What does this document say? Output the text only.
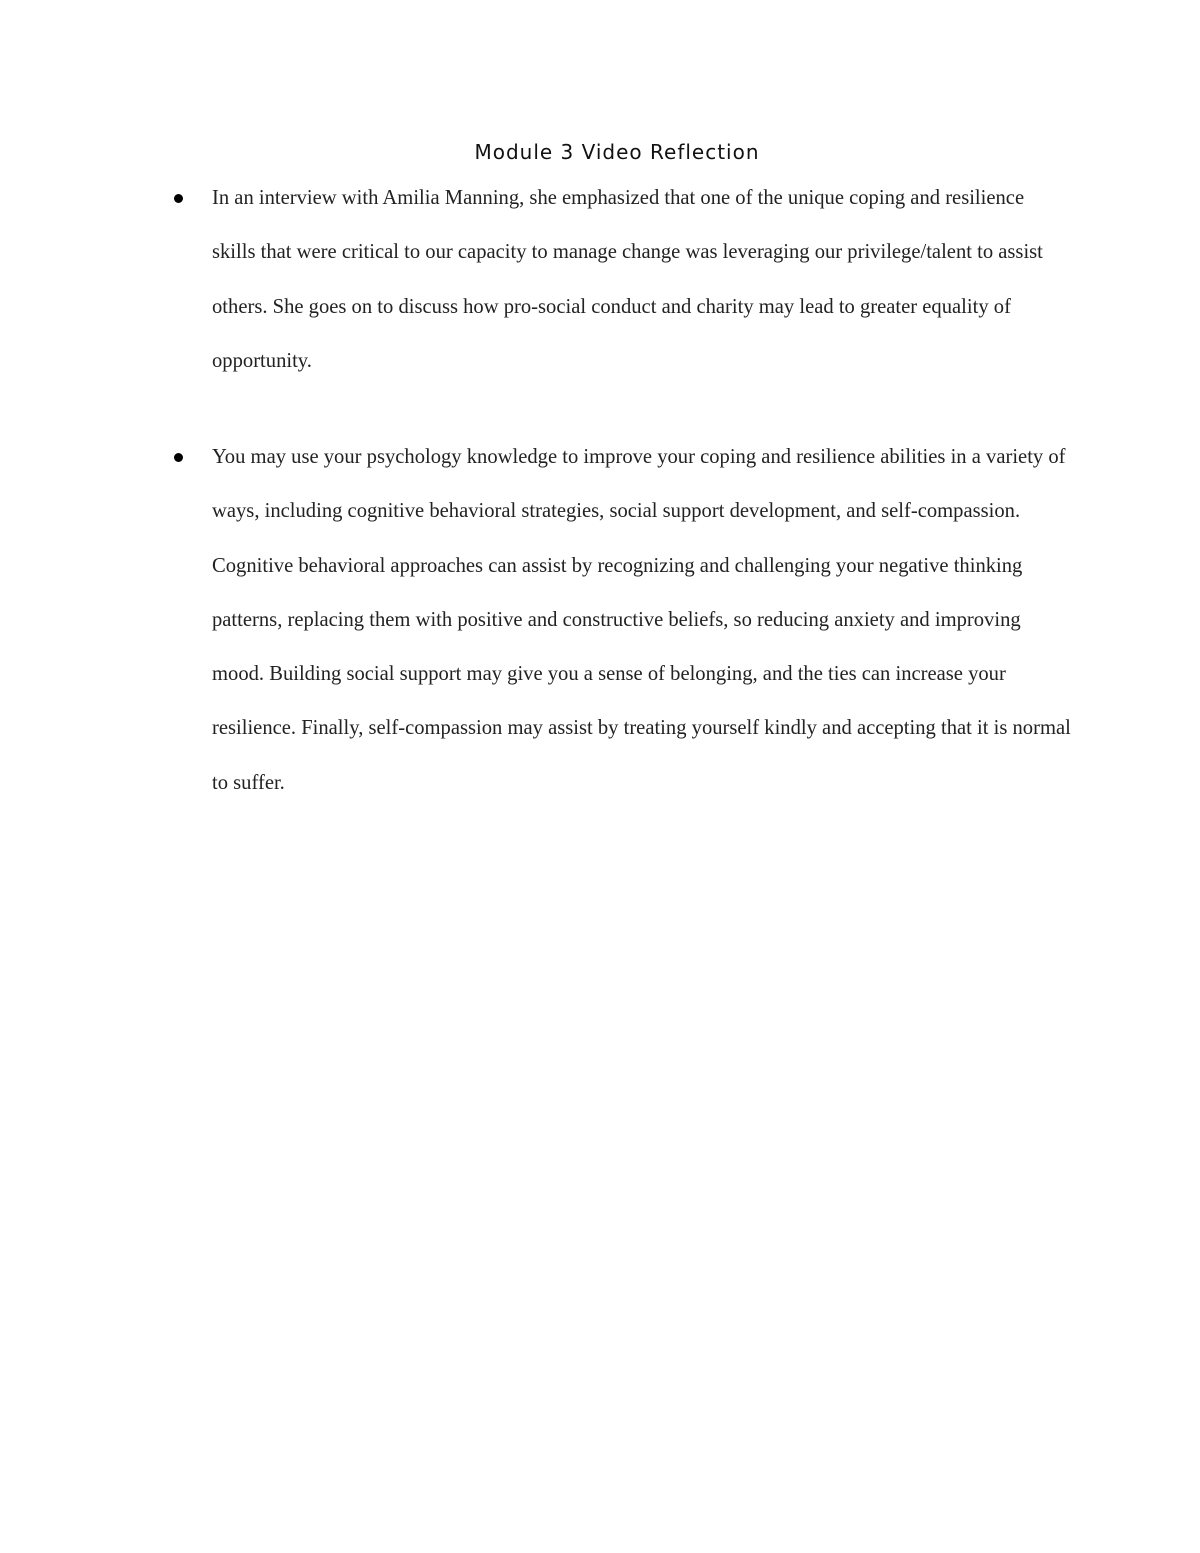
Module 3 Video Reflection
In an interview with Amilia Manning, she emphasized that one of the unique coping and resilience skills that were critical to our capacity to manage change was leveraging our privilege/talent to assist others. She goes on to discuss how pro-social conduct and charity may lead to greater equality of opportunity.
You may use your psychology knowledge to improve your coping and resilience abilities in a variety of ways, including cognitive behavioral strategies, social support development, and self-compassion. Cognitive behavioral approaches can assist by recognizing and challenging your negative thinking patterns, replacing them with positive and constructive beliefs, so reducing anxiety and improving mood. Building social support may give you a sense of belonging, and the ties can increase your resilience. Finally, self-compassion may assist by treating yourself kindly and accepting that it is normal to suffer.
